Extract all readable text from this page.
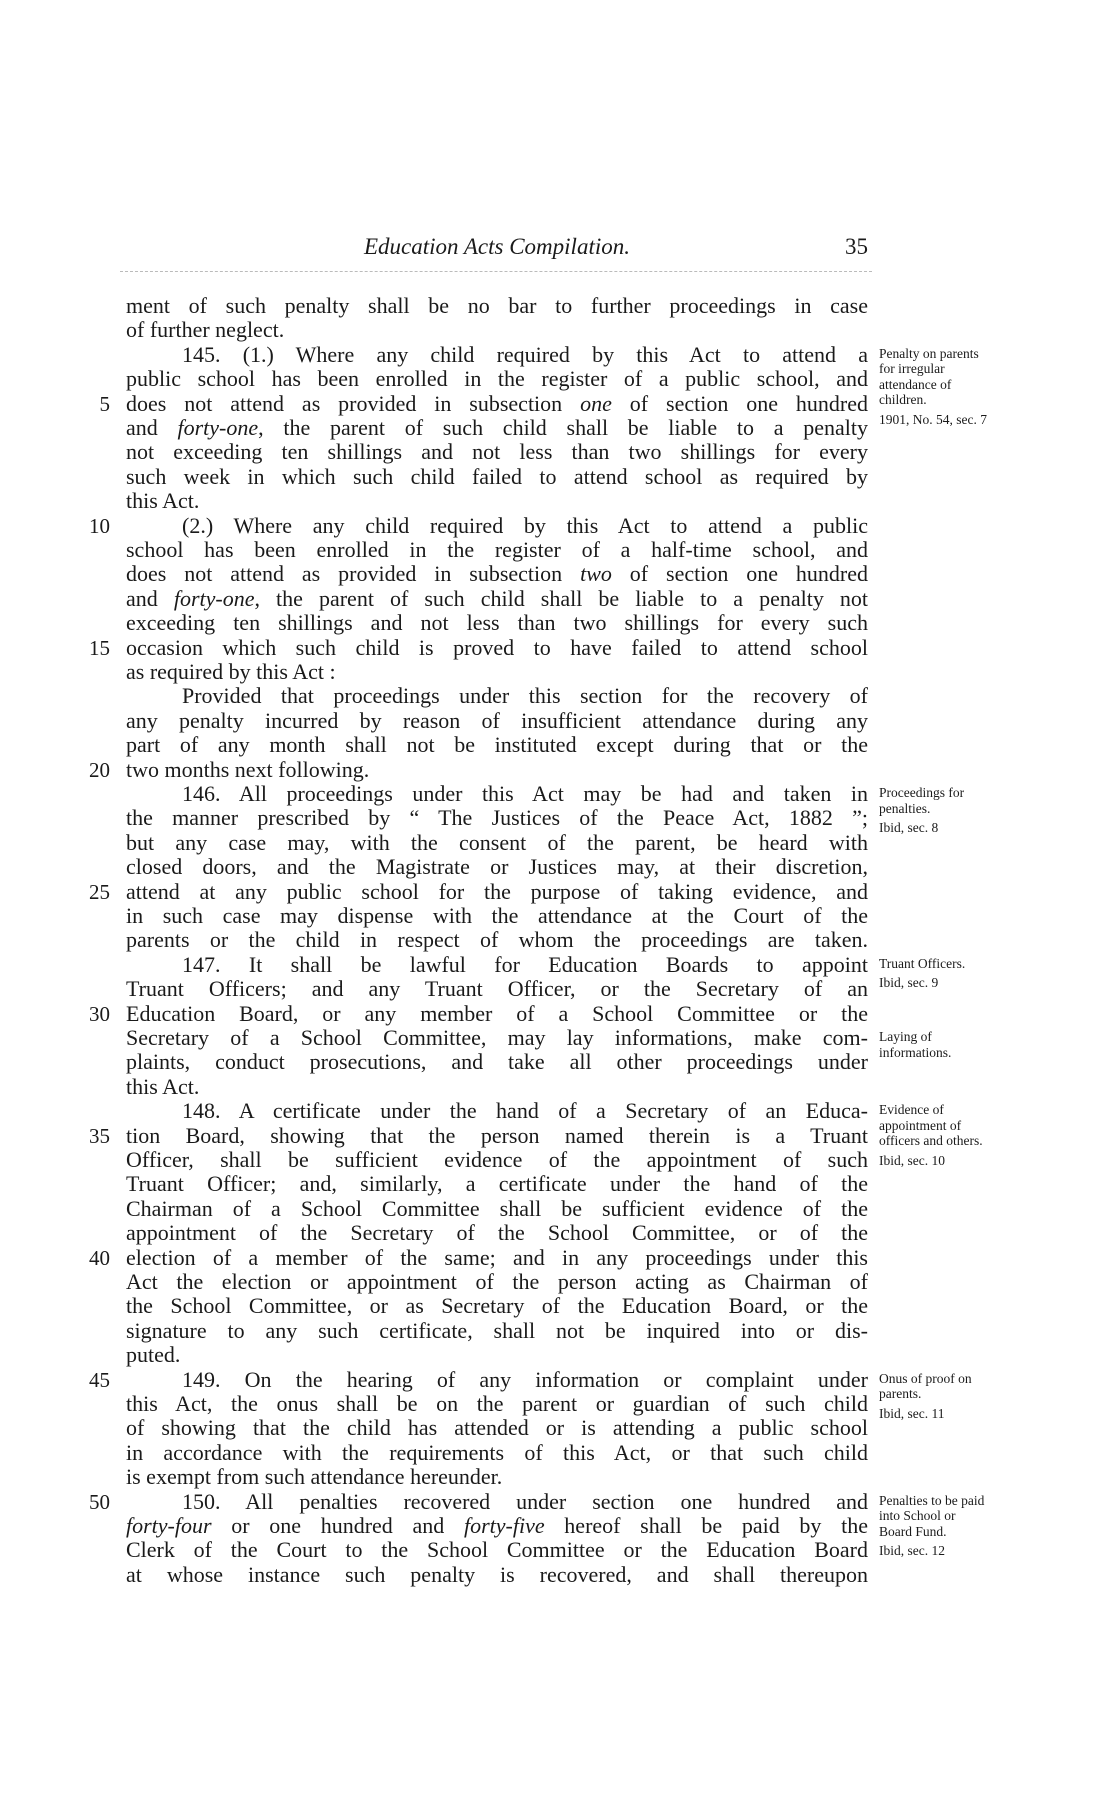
Education Acts Compilation.	35
ment of such penalty shall be no bar to further proceedings in case
of further neglect.
145. (1.) Where any child required by this Act to attend a
public school has been enrolled in the register of a public school, and
does not attend as provided in subsection one of section one hundred
and forty-one, the parent of such child shall be liable to a penalty
not exceeding ten shillings and not less than two shillings for every
such week in which such child failed to attend school as required by
this Act.
(2.) Where any child required by this Act to attend a public
school has been enrolled in the register of a half-time school, and
does not attend as provided in subsection two of section one hundred
and forty-one, the parent of such child shall be liable to a penalty not
exceeding ten shillings and not less than two shillings for every such
occasion which such child is proved to have failed to attend school
as required by this Act :
Provided that proceedings under this section for the recovery of
any penalty incurred by reason of insufficient attendance during any
part of any month shall not be instituted except during that or the
two months next following.
146. All proceedings under this Act may be had and taken in
the manner prescribed by “ The Justices of the Peace Act, 1882 ”;
but any case may, with the consent of the parent, be heard with
closed doors, and the Magistrate or Justices may, at their discretion,
attend at any public school for the purpose of taking evidence, and
in such case may dispense with the attendance at the Court of the
parents or the child in respect of whom the proceedings are taken.
147. It shall be lawful for Education Boards to appoint
Truant Officers; and any Truant Officer, or the Secretary of an
Education Board, or any member of a School Committee or the
Secretary of a School Committee, may lay informations, make com-
plaints, conduct prosecutions, and take all other proceedings under
this Act.
148. A certificate under the hand of a Secretary of an Educa-
tion Board, showing that the person named therein is a Truant
Officer, shall be sufficient evidence of the appointment of such
Truant Officer; and, similarly, a certificate under the hand of the
Chairman of a School Committee shall be sufficient evidence of the
appointment of the Secretary of the School Committee, or of the
election of a member of the same; and in any proceedings under this
Act the election or appointment of the person acting as Chairman of
the School Committee, or as Secretary of the Education Board, or the
signature to any such certificate, shall not be inquired into or dis-
puted.
149. On the hearing of any information or complaint under
this Act, the onus shall be on the parent or guardian of such child
of showing that the child has attended or is attending a public school
in accordance with the requirements of this Act, or that such child
is exempt from such attendance hereunder.
150. All penalties recovered under section one hundred and
forty-four or one hundred and forty-five hereof shall be paid by the
Clerk of the Court to the School Committee or the Education Board
at whose instance such penalty is recovered, and shall thereupon
5
10
15
20
25
30
35
40
45
50
Penalty on parents
for irregular
attendance of
children.
1901, No. 54, sec. 7
Proceedings for
penalties.
Ibid, sec. 8
Truant Officers.
Ibid, sec. 9
Laying of
informations.
Evidence of
appointment of
officers and others.
Ibid, sec. 10
Onus of proof on
parents.
Ibid, sec. 11
Penalties to be paid
into School or
Board Fund.
Ibid, sec. 12
